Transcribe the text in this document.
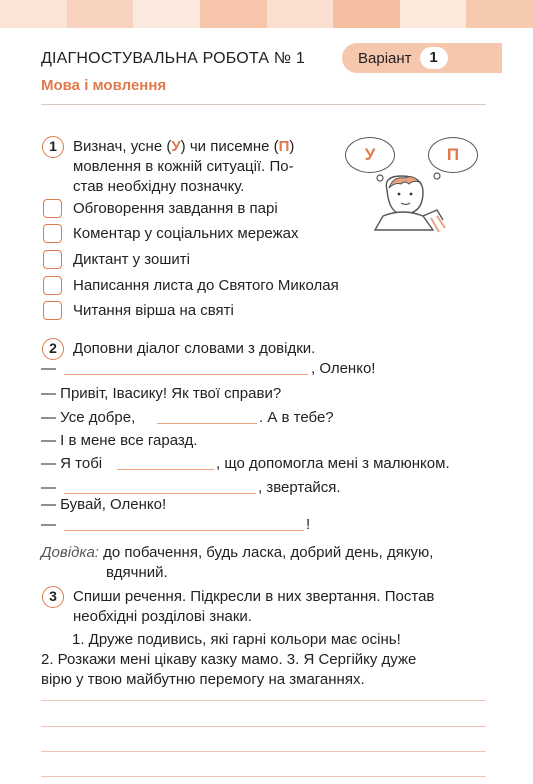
ДІАГНОСТУВАЛЬНА РОБОТА № 1	Варіант	1
Мова і мовлення
1	Визнач, усне (У) чи писемне (П)
мовлення в кожній ситуації. По-
став необхідну позначку.
У	П
Обговорення завдання в парі
Коментар у соціальних мережах
Диктант у зошиті
Написання листа до Святого Миколая
Читання вірша на святі
2	Доповни діалог словами з довідки.
—	, Оленко!
— Привіт, Івасику! Як твої справи?
— Усе добре,	. А в тебе?
— І в мене все гаразд.
— Я тобі	, що допомогла мені з малюнком.
—	, звертайся.
— Бувай, Оленко!
—	!
Довідка: до побачення, будь ласка, добрий день, дякую,
вдячний.
3	Спиши речення. Підкресли в них звертання. Постав
необхідні розділові знаки.
1. Друже подивись, які гарні кольори має осінь!
2. Розкажи мені цікаву казку мамо. 3. Я Сергійку дуже
вірю у твою майбутню перемогу на змаганнях.
